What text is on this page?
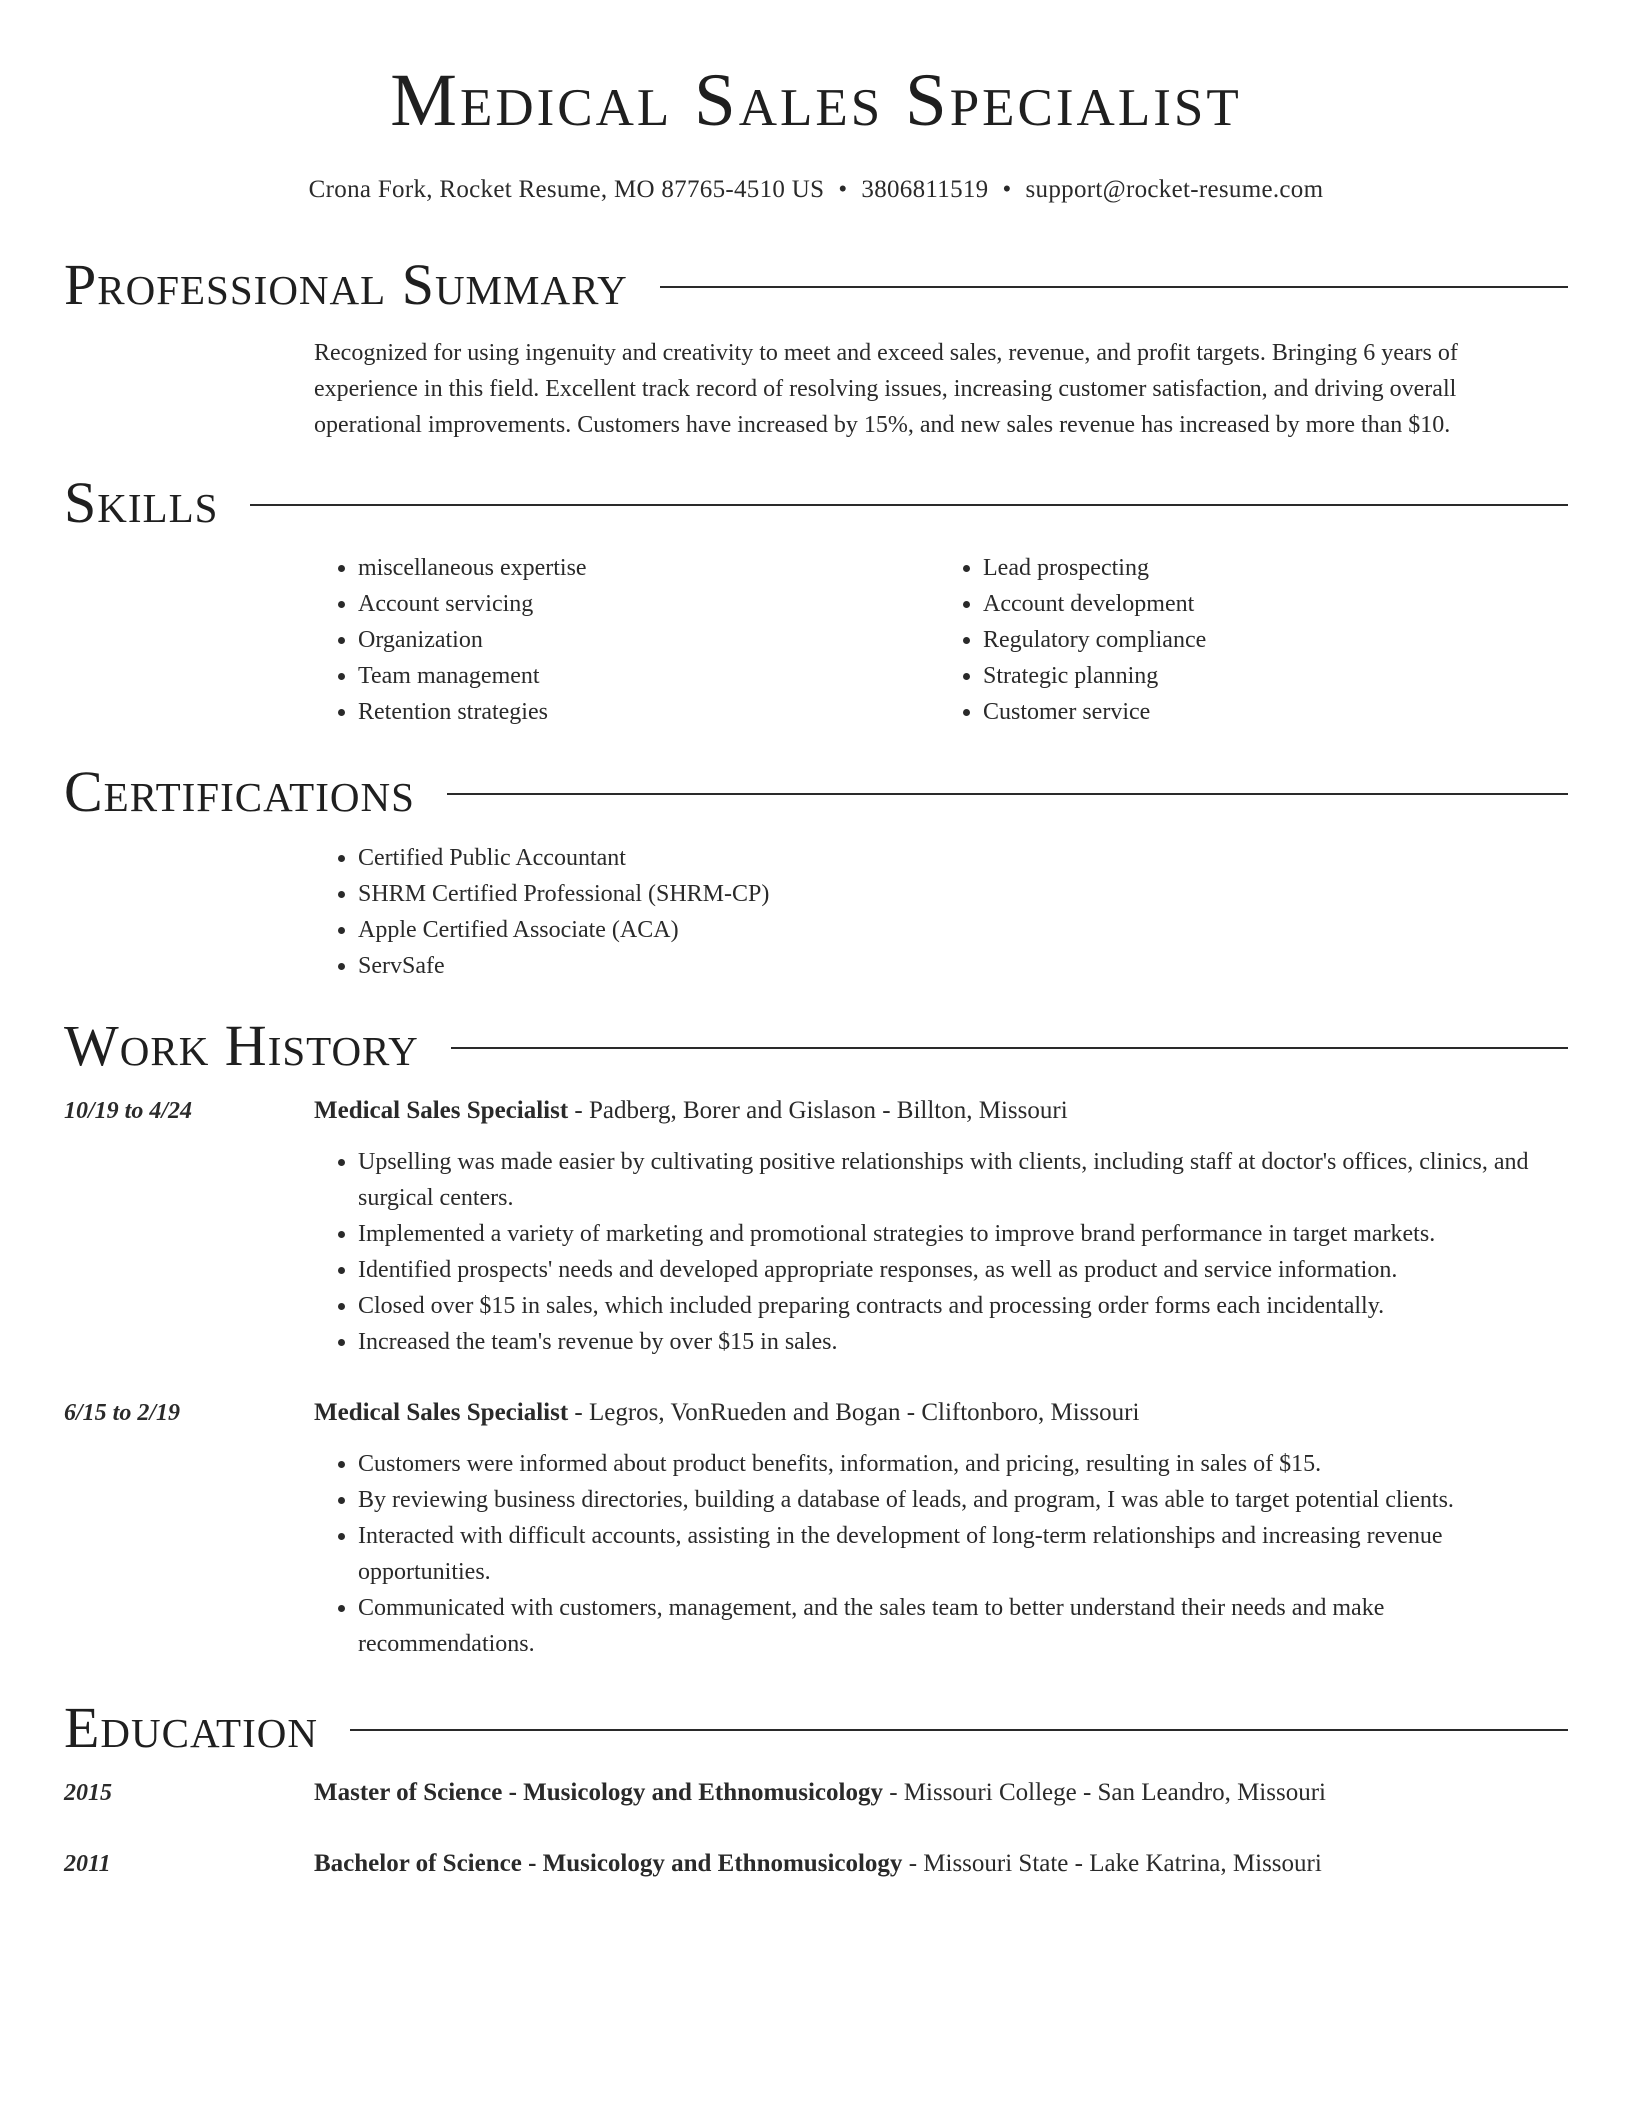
Medical Sales Specialist
Crona Fork, Rocket Resume, MO 87765-4510 US • 3806811519 • support@rocket-resume.com
Professional Summary
Recognized for using ingenuity and creativity to meet and exceed sales, revenue, and profit targets. Bringing 6 years of experience in this field. Excellent track record of resolving issues, increasing customer satisfaction, and driving overall operational improvements. Customers have increased by 15%, and new sales revenue has increased by more than $10.
Skills
• miscellaneous expertise
• Account servicing
• Organization
• Team management
• Retention strategies
• Lead prospecting
• Account development
• Regulatory compliance
• Strategic planning
• Customer service
Certifications
• Certified Public Accountant
• SHRM Certified Professional (SHRM-CP)
• Apple Certified Associate (ACA)
• ServSafe
Work History
10/19 to 4/24	Medical Sales Specialist - Padberg, Borer and Gislason - Billton, Missouri
• Upselling was made easier by cultivating positive relationships with clients, including staff at doctor's offices, clinics, and surgical centers.
• Implemented a variety of marketing and promotional strategies to improve brand performance in target markets.
• Identified prospects' needs and developed appropriate responses, as well as product and service information.
• Closed over $15 in sales, which included preparing contracts and processing order forms each incidentally.
• Increased the team's revenue by over $15 in sales.
6/15 to 2/19	Medical Sales Specialist - Legros, VonRueden and Bogan - Cliftonboro, Missouri
• Customers were informed about product benefits, information, and pricing, resulting in sales of $15.
• By reviewing business directories, building a database of leads, and program, I was able to target potential clients.
• Interacted with difficult accounts, assisting in the development of long-term relationships and increasing revenue opportunities.
• Communicated with customers, management, and the sales team to better understand their needs and make recommendations.
Education
2015	Master of Science - Musicology and Ethnomusicology - Missouri College - San Leandro, Missouri
2011	Bachelor of Science - Musicology and Ethnomusicology - Missouri State - Lake Katrina, Missouri
